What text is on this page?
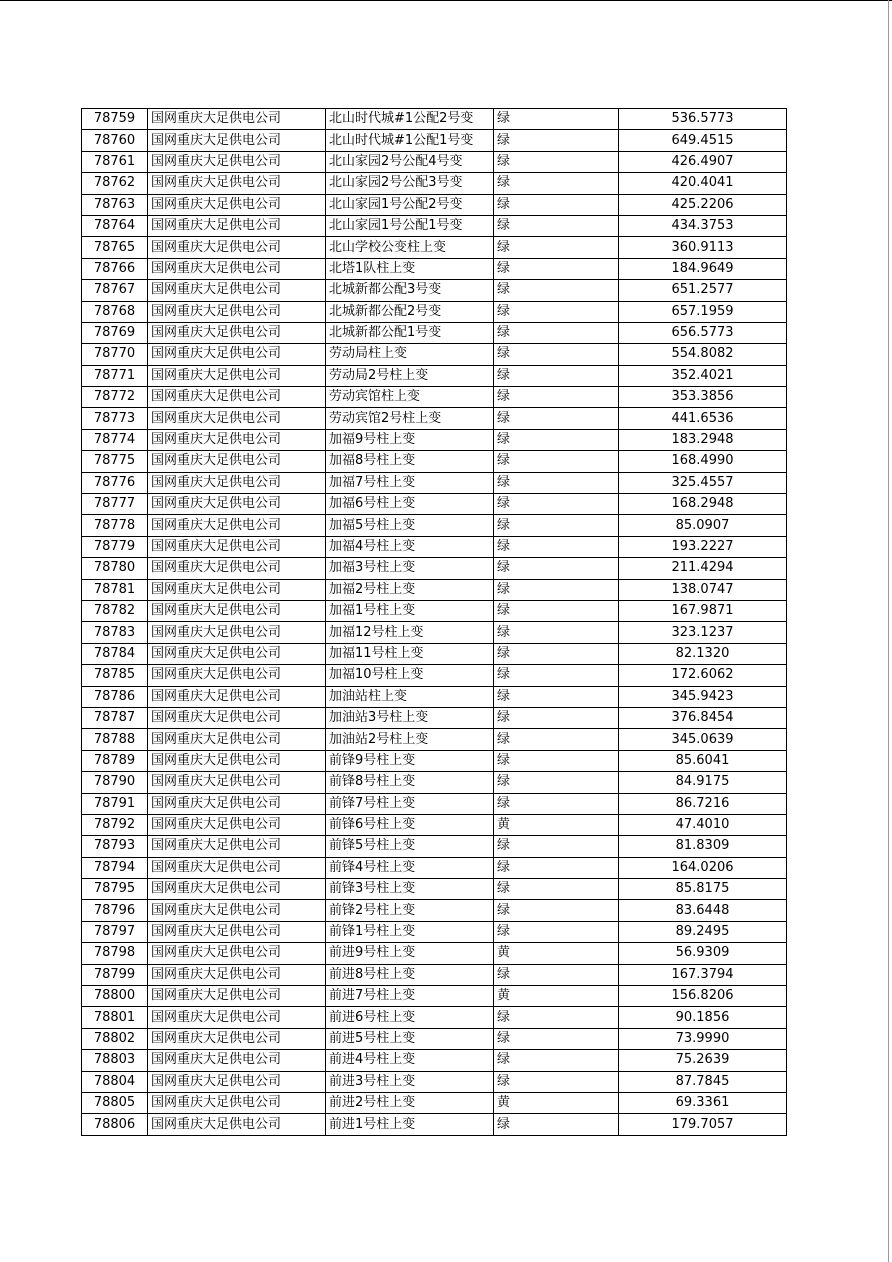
78759	国网重庆大足供电公司	北山时代城#1公配2号变	绿	536.5773
78760	国网重庆大足供电公司	北山时代城#1公配1号变	绿	649.4515
78761	国网重庆大足供电公司	北山家园2号公配4号变	绿	426.4907
78762	国网重庆大足供电公司	北山家园2号公配3号变	绿	420.4041
78763	国网重庆大足供电公司	北山家园1号公配2号变	绿	425.2206
78764	国网重庆大足供电公司	北山家园1号公配1号变	绿	434.3753
78765	国网重庆大足供电公司	北山学校公变柱上变	绿	360.9113
78766	国网重庆大足供电公司	北塔1队柱上变	绿	184.9649
78767	国网重庆大足供电公司	北城新都公配3号变	绿	651.2577
78768	国网重庆大足供电公司	北城新都公配2号变	绿	657.1959
78769	国网重庆大足供电公司	北城新都公配1号变	绿	656.5773
78770	国网重庆大足供电公司	劳动局柱上变	绿	554.8082
78771	国网重庆大足供电公司	劳动局2号柱上变	绿	352.4021
78772	国网重庆大足供电公司	劳动宾馆柱上变	绿	353.3856
78773	国网重庆大足供电公司	劳动宾馆2号柱上变	绿	441.6536
78774	国网重庆大足供电公司	加福9号柱上变	绿	183.2948
78775	国网重庆大足供电公司	加福8号柱上变	绿	168.4990
78776	国网重庆大足供电公司	加福7号柱上变	绿	325.4557
78777	国网重庆大足供电公司	加福6号柱上变	绿	168.2948
78778	国网重庆大足供电公司	加福5号柱上变	绿	85.0907
78779	国网重庆大足供电公司	加福4号柱上变	绿	193.2227
78780	国网重庆大足供电公司	加福3号柱上变	绿	211.4294
78781	国网重庆大足供电公司	加福2号柱上变	绿	138.0747
78782	国网重庆大足供电公司	加福1号柱上变	绿	167.9871
78783	国网重庆大足供电公司	加福12号柱上变	绿	323.1237
78784	国网重庆大足供电公司	加福11号柱上变	绿	82.1320
78785	国网重庆大足供电公司	加福10号柱上变	绿	172.6062
78786	国网重庆大足供电公司	加油站柱上变	绿	345.9423
78787	国网重庆大足供电公司	加油站3号柱上变	绿	376.8454
78788	国网重庆大足供电公司	加油站2号柱上变	绿	345.0639
78789	国网重庆大足供电公司	前锋9号柱上变	绿	85.6041
78790	国网重庆大足供电公司	前锋8号柱上变	绿	84.9175
78791	国网重庆大足供电公司	前锋7号柱上变	绿	86.7216
78792	国网重庆大足供电公司	前锋6号柱上变	黄	47.4010
78793	国网重庆大足供电公司	前锋5号柱上变	绿	81.8309
78794	国网重庆大足供电公司	前锋4号柱上变	绿	164.0206
78795	国网重庆大足供电公司	前锋3号柱上变	绿	85.8175
78796	国网重庆大足供电公司	前锋2号柱上变	绿	83.6448
78797	国网重庆大足供电公司	前锋1号柱上变	绿	89.2495
78798	国网重庆大足供电公司	前进9号柱上变	黄	56.9309
78799	国网重庆大足供电公司	前进8号柱上变	绿	167.3794
78800	国网重庆大足供电公司	前进7号柱上变	黄	156.8206
78801	国网重庆大足供电公司	前进6号柱上变	绿	90.1856
78802	国网重庆大足供电公司	前进5号柱上变	绿	73.9990
78803	国网重庆大足供电公司	前进4号柱上变	绿	75.2639
78804	国网重庆大足供电公司	前进3号柱上变	绿	87.7845
78805	国网重庆大足供电公司	前进2号柱上变	黄	69.3361
78806	国网重庆大足供电公司	前进1号柱上变	绿	179.7057
